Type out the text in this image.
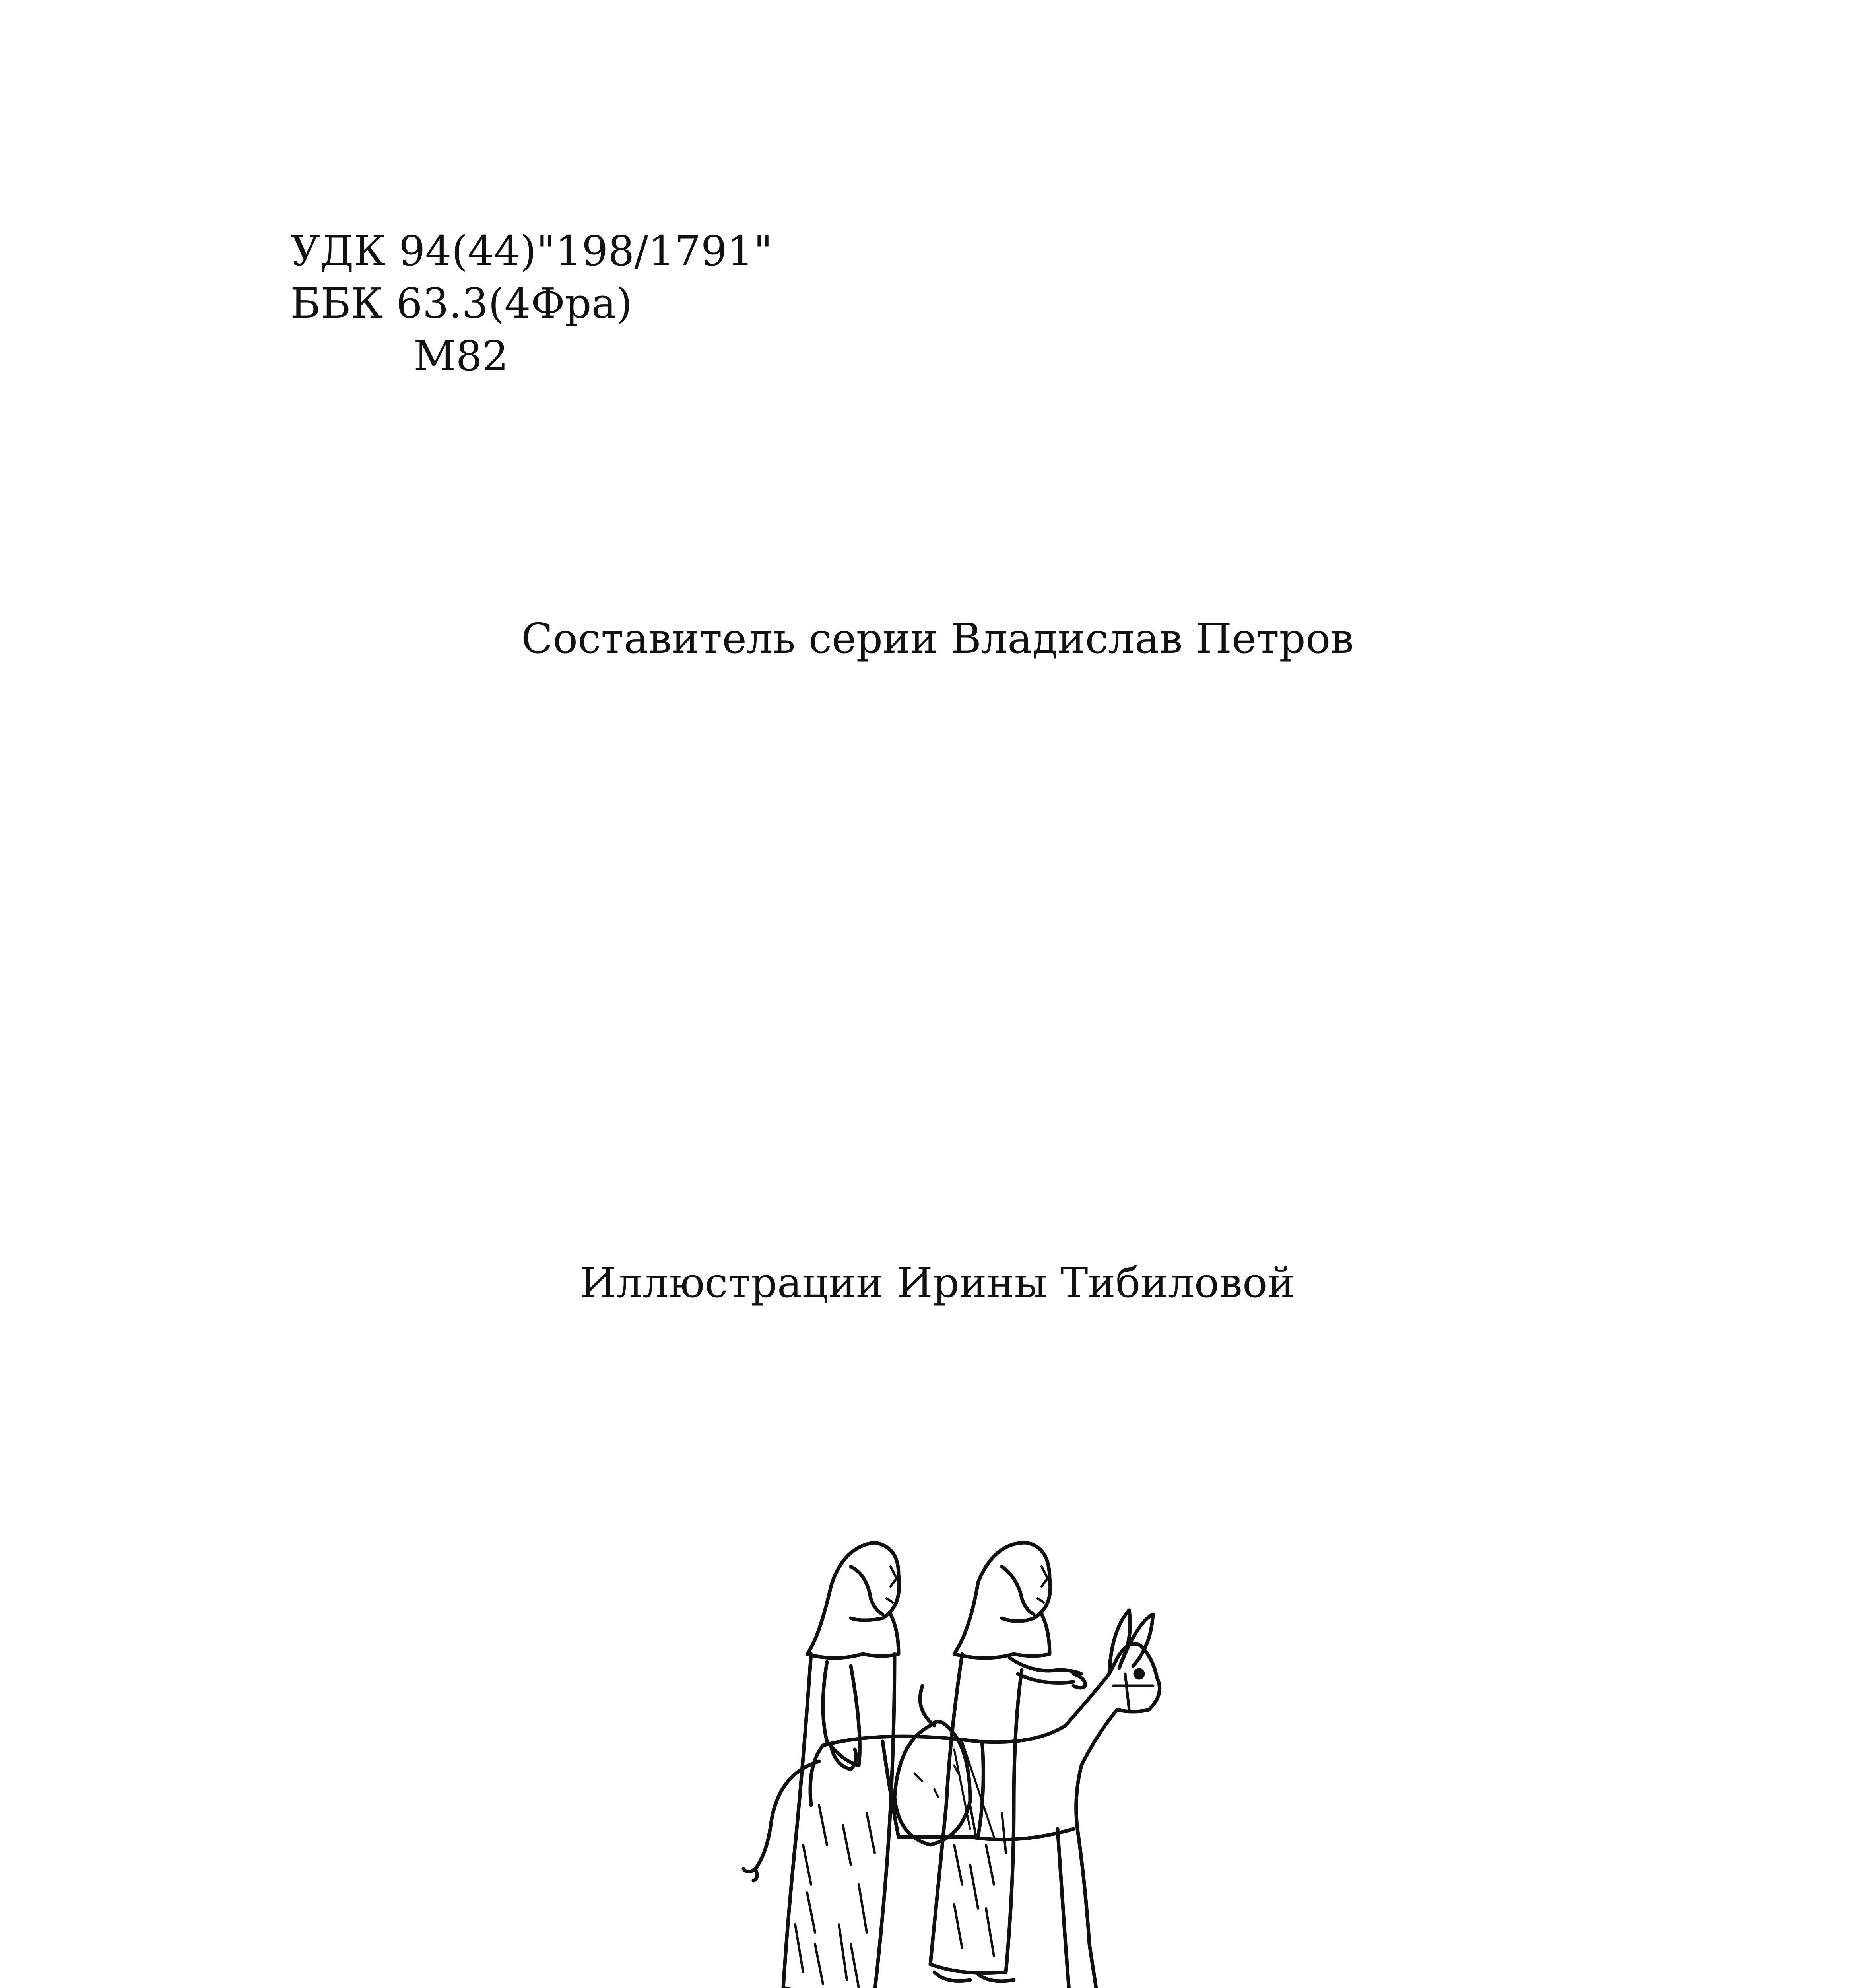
УДК 94(44)"198/1791"
ББК 63.3(4Фра)
М82
Составитель серии Владислав Петров
Иллюстрации Ирины Тибиловой
